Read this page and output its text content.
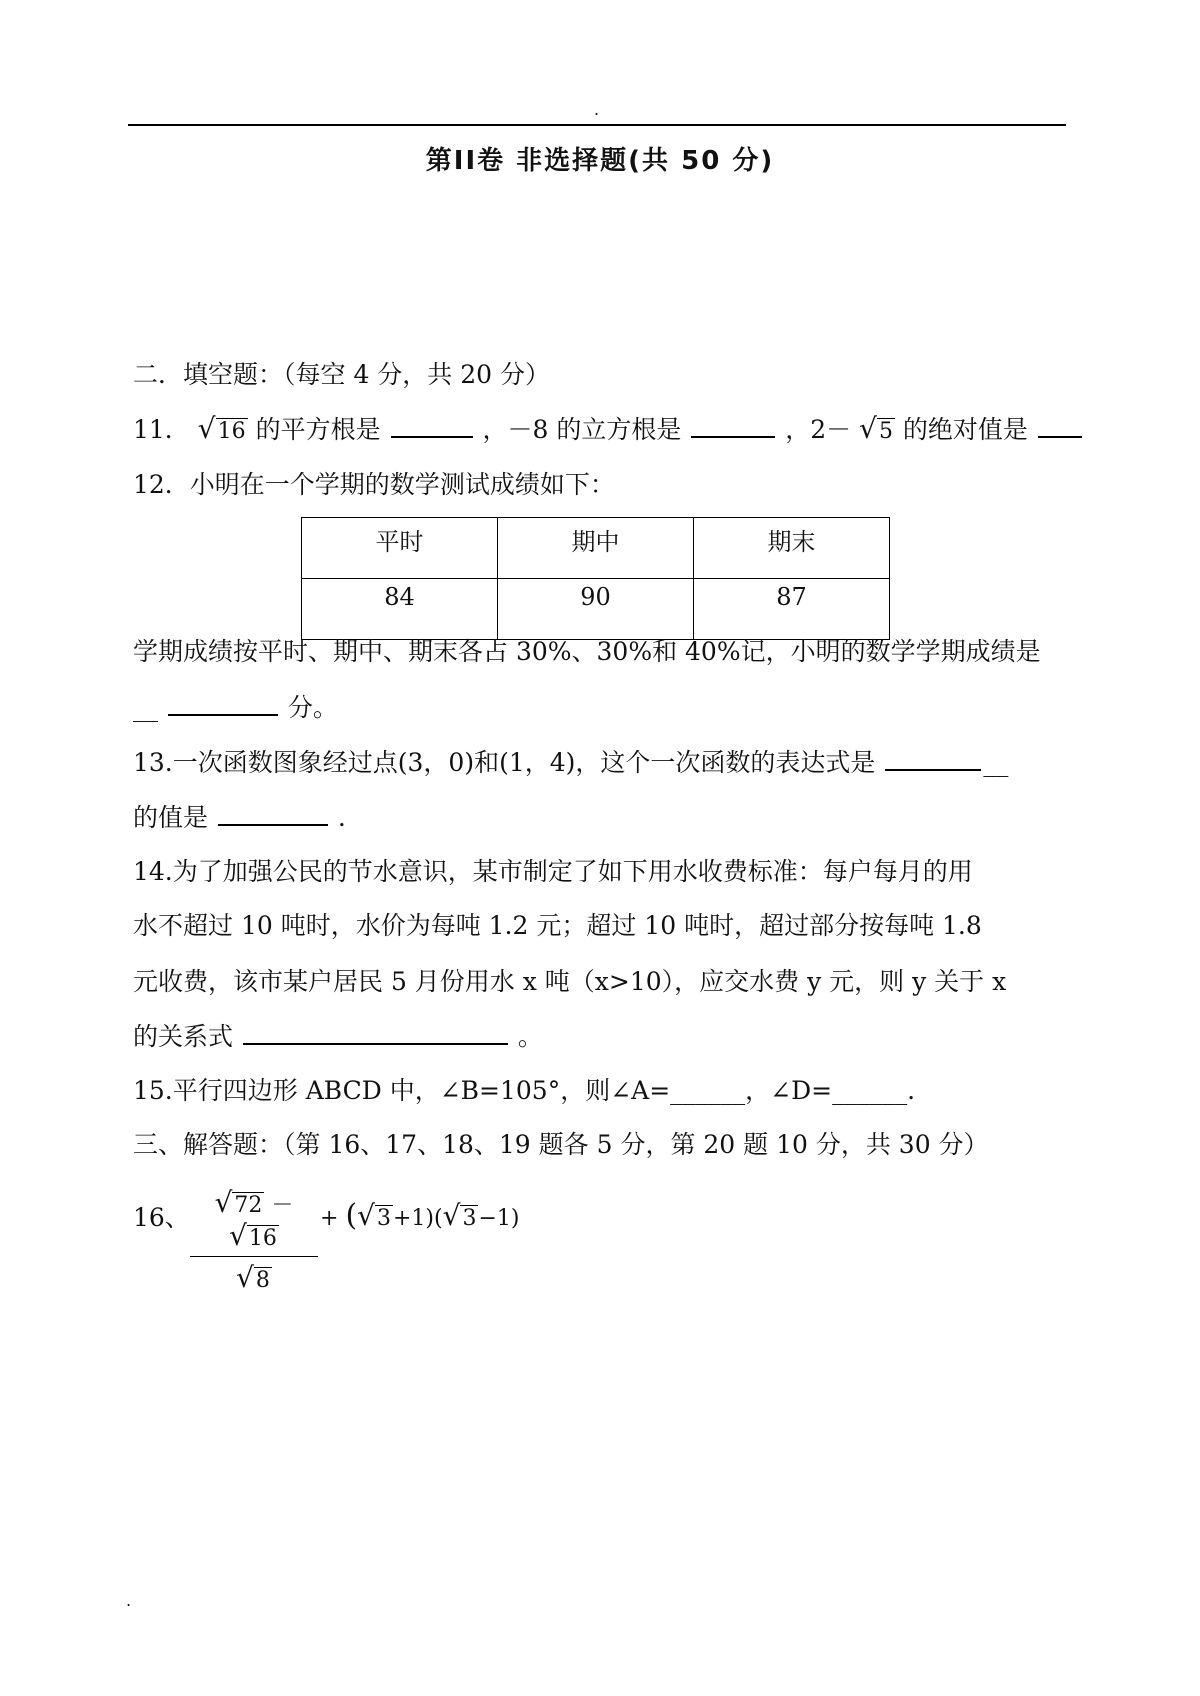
.
第II卷 非选择题(共 50 分)
二．填空题：（每空 4 分，共 20 分）
11． √16 的平方根是	，－8 的立方根是	，2－ √5 的绝对值是
12．小明在一个学期的数学测试成绩如下：
平时	期中	期末
84	90	87
学期成绩按平时、期中、期末各占 30%、30%和 40%记，小明的数学学期成绩是
__	分。
13.一次函数图象经过点(3，0)和(1，4)，这个一次函数的表达式是	__
的值是	.
14.为了加强公民的节水意识，某市制定了如下用水收费标准：每户每月的用
水不超过 10 吨时，水价为每吨 1.2 元；超过 10 吨时，超过部分按每吨 1.8
元收费，该市某户居民 5 月份用水 x 吨（x>10），应交水费 y 元，则 y 关于 x
的关系式	。
15.平行四边形 ABCD 中，∠B=105°，则∠A=______，∠D=______.
三、解答题：（第 16、17、18、19 题各 5 分，第 20 题 10 分，共 30 分）
16、 $\frac{√72 - √16}{√8} + (√3+1)(√3-1)$
.
